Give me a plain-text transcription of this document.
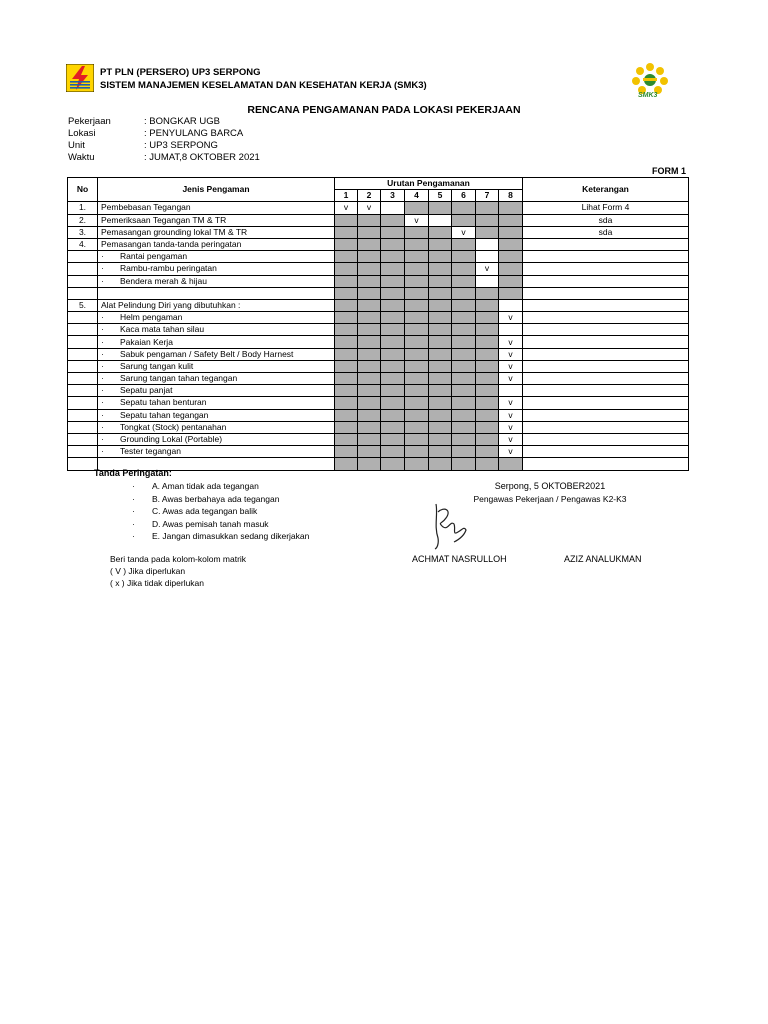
PT PLN (PERSERO) UP3 SERPONG
SISTEM MANAJEMEN KESELAMATAN DAN KESEHATAN KERJA (SMK3)
SMK3
RENCANA PENGAMANAN PADA LOKASI PEKERJAAN
Pekerjaan	: BONGKAR UGB
Lokasi	: PENYULANG BARCA
Unit	: UP3 SERPONG
Waktu	: JUMAT,8 OKTOBER 2021
FORM 1
No	Jenis Pengaman	Urutan Pengamanan								Keterangan
		1	2	3	4	5	6	7	8	
1.	Pembebasan Tegangan	v	v							Lihat Form 4
2.	Pemeriksaan Tegangan TM & TR				v					sda
3.	Pemasangan grounding lokal TM & TR						v			sda
4.	Pemasangan tanda-tanda peringatan									
	· Rantai pengaman									
	· Rambu-rambu peringatan							v		
	· Bendera merah & hijau									

5.	Alat Pelindung Diri yang dibutuhkan :									
	· Helm pengaman								v	
	· Kaca mata tahan silau									
	· Pakaian Kerja								v	
	· Sabuk pengaman / Safety Belt / Body Harnest								v	
	· Sarung tangan kulit								v	
	· Sarung tangan tahan tegangan								v	
	· Sepatu panjat									
	· Sepatu tahan benturan								v	
	· Sepatu tahan tegangan								v	
	· Tongkat (Stock) pentanahan								v	
	· Grounding Lokal (Portable)								v	
	· Tester tegangan								v	

Tanda Peringatan:
· A. Aman tidak ada tegangan
· B. Awas berbahaya ada tegangan
· C. Awas ada tegangan balik
· D. Awas pemisah tanah masuk
· E. Jangan dimasukkan sedang dikerjakan
Serpong, 5 OKTOBER2021
Pengawas Pekerjaan / Pengawas K2-K3
ACHMAT NASRULLOH	AZIZ ANALUKMAN
Beri tanda pada kolom-kolom matrik
( V ) Jika diperlukan
( x ) Jika tidak diperlukan
